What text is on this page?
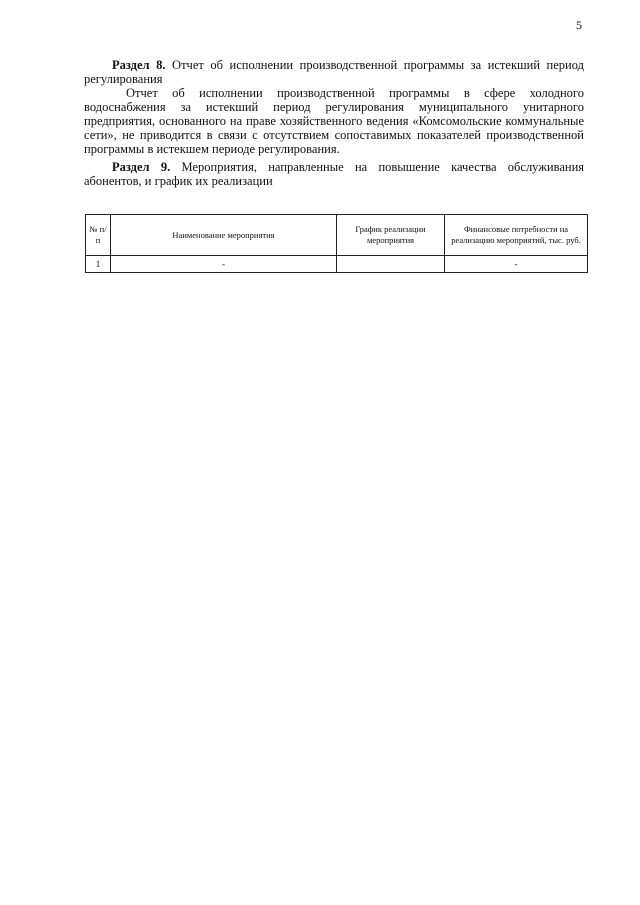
5

Раздел 8. Отчет об исполнении производственной программы за истекший период регулирования

Отчет об исполнении производственной программы в сфере холодного водоснабжения за истекший период регулирования муниципального унитарного предприятия, основанного на праве хозяйственного ведения «Комсомольские коммунальные сети», не приводится в связи с отсутствием сопоставимых показателей производственной программы в истекшем периоде регулирования.

Раздел 9. Мероприятия, направленные на повышение качества обслуживания абонентов, и график их реализации

№ п/п	Наименование мероприятия	График реализации мероприятия	Финансовые потребности на реализацию мероприятий, тыс. руб.
1	-		-
